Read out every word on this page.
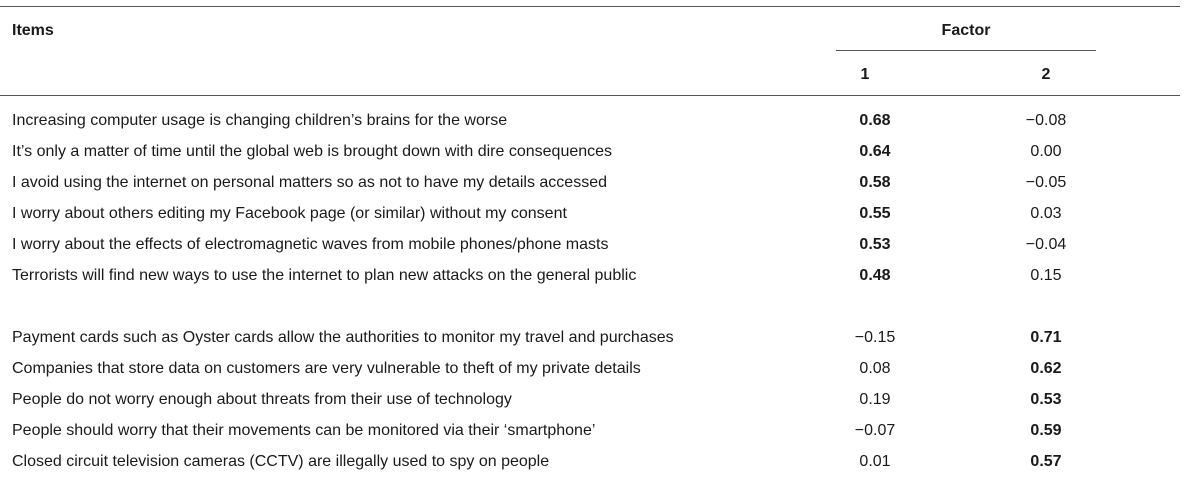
Items	Factor
1	2
Increasing computer usage is changing children’s brains for the worse	0.68	−0.08
It’s only a matter of time until the global web is brought down with dire consequences	0.64	0.00
I avoid using the internet on personal matters so as not to have my details accessed	0.58	−0.05
I worry about others editing my Facebook page (or similar) without my consent	0.55	0.03
I worry about the effects of electromagnetic waves from mobile phones/phone masts	0.53	−0.04
Terrorists will find new ways to use the internet to plan new attacks on the general public	0.48	0.15
Payment cards such as Oyster cards allow the authorities to monitor my travel and purchases	−0.15	0.71
Companies that store data on customers are very vulnerable to theft of my private details	0.08	0.62
People do not worry enough about threats from their use of technology	0.19	0.53
People should worry that their movements can be monitored via their ‘smartphone’	−0.07	0.59
Closed circuit television cameras (CCTV) are illegally used to spy on people	0.01	0.57
